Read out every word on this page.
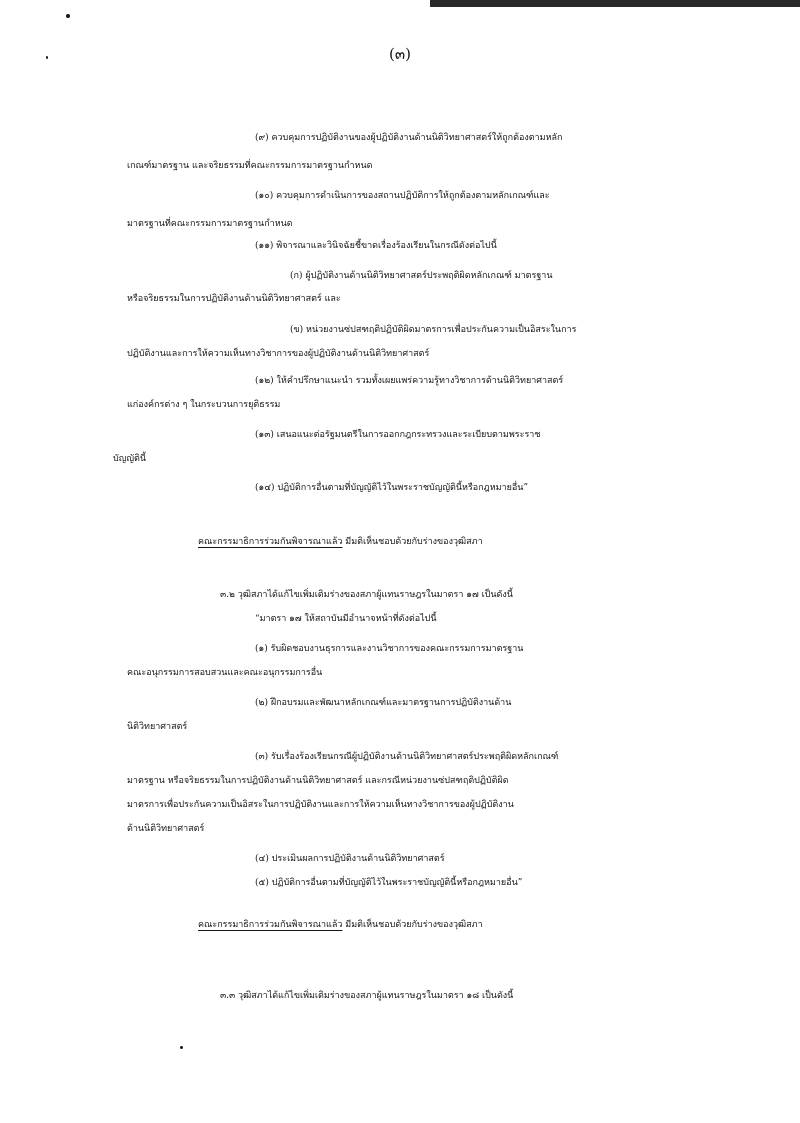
(๓)
(๙) ควบคุมการปฏิบัติงานของผู้ปฏิบัติงานด้านนิติวิทยาศาสตร์ให้ถูกต้องตามหลัก
เกณฑ์มาตรฐาน และจริยธรรมที่คณะกรรมการมาตรฐานกำหนด
(๑๐) ควบคุมการดำเนินการของสถานปฏิบัติการให้ถูกต้องตามหลักเกณฑ์และ
มาตรฐานที่คณะกรรมการมาตรฐานกำหนด
(๑๑) พิจารณาและวินิจฉัยชี้ขาดเรื่องร้องเรียนในกรณีดังต่อไปนี้
(ก) ผู้ปฏิบัติงานด้านนิติวิทยาศาสตร์ประพฤติผิดหลักเกณฑ์ มาตรฐาน
หรือจริยธรรมในการปฏิบัติงานด้านนิติวิทยาศาสตร์ และ
(ข) หน่วยงานซ่ปสฑฤติปฏิบัติผิดมาตรการเพื่อประกันความเป็นอิสระในการ
ปฏิบัติงานและการให้ความเห็นทางวิชาการของผู้ปฏิบัติงานด้านนิติวิทยาศาสตร์
(๑๒) ให้คำปรึกษาแนะนำ รวมทั้งเผยแพร่ความรู้ทางวิชาการด้านนิติวิทยาศาสตร์
แก่องค์กรต่าง ๆ ในกระบวนการยุติธรรม
(๑๓) เสนอแนะต่อรัฐมนตรีในการออกกฎกระทรวงและระเบียบตามพระราช
บัญญัตินี้
(๑๔) ปฏิบัติการอื่นตามที่บัญญัติไว้ในพระราชบัญญัตินี้หรือกฎหมายอื่น”
คณะกรรมาธิการร่วมกันพิจารณาแล้ว มีมติเห็นชอบด้วยกับร่างของวุฒิสภา
๓.๒ วุฒิสภาได้แก้ไขเพิ่มเติมร่างของสภาผู้แทนราษฎรในมาตรา ๑๗ เป็นดังนี้
“มาตรา ๑๗ ให้สถาบันมีอำนาจหน้าที่ดังต่อไปนี้
(๑) รับผิดชอบงานธุรการและงานวิชาการของคณะกรรมการมาตรฐาน
คณะอนุกรรมการสอบสวนและคณะอนุกรรมการอื่น
(๒) ฝึกอบรมและพัฒนาหลักเกณฑ์และมาตรฐานการปฏิบัติงานด้าน
นิติวิทยาศาสตร์
(๓) รับเรื่องร้องเรียนกรณีผู้ปฏิบัติงานด้านนิติวิทยาศาสตร์ประพฤติผิดหลักเกณฑ์
มาตรฐาน หรือจริยธรรมในการปฏิบัติงานด้านนิติวิทยาศาสตร์ และกรณีหน่วยงานซ่ปสฑฤติปฏิบัติผิด
มาตรการเพื่อประกันความเป็นอิสระในการปฏิบัติงานและการให้ความเห็นทางวิชาการของผู้ปฏิบัติงาน
ด้านนิติวิทยาศาสตร์
(๔) ประเมินผลการปฏิบัติงานด้านนิติวิทยาศาสตร์
(๕) ปฏิบัติการอื่นตามที่บัญญัติไว้ในพระราชบัญญัตินี้หรือกฎหมายอื่น”
คณะกรรมาธิการร่วมกันพิจารณาแล้ว มีมติเห็นชอบด้วยกับร่างของวุฒิสภา
๓.๓ วุฒิสภาได้แก้ไขเพิ่มเติมร่างของสภาผู้แทนราษฎรในมาตรา ๑๘ เป็นดังนี้
